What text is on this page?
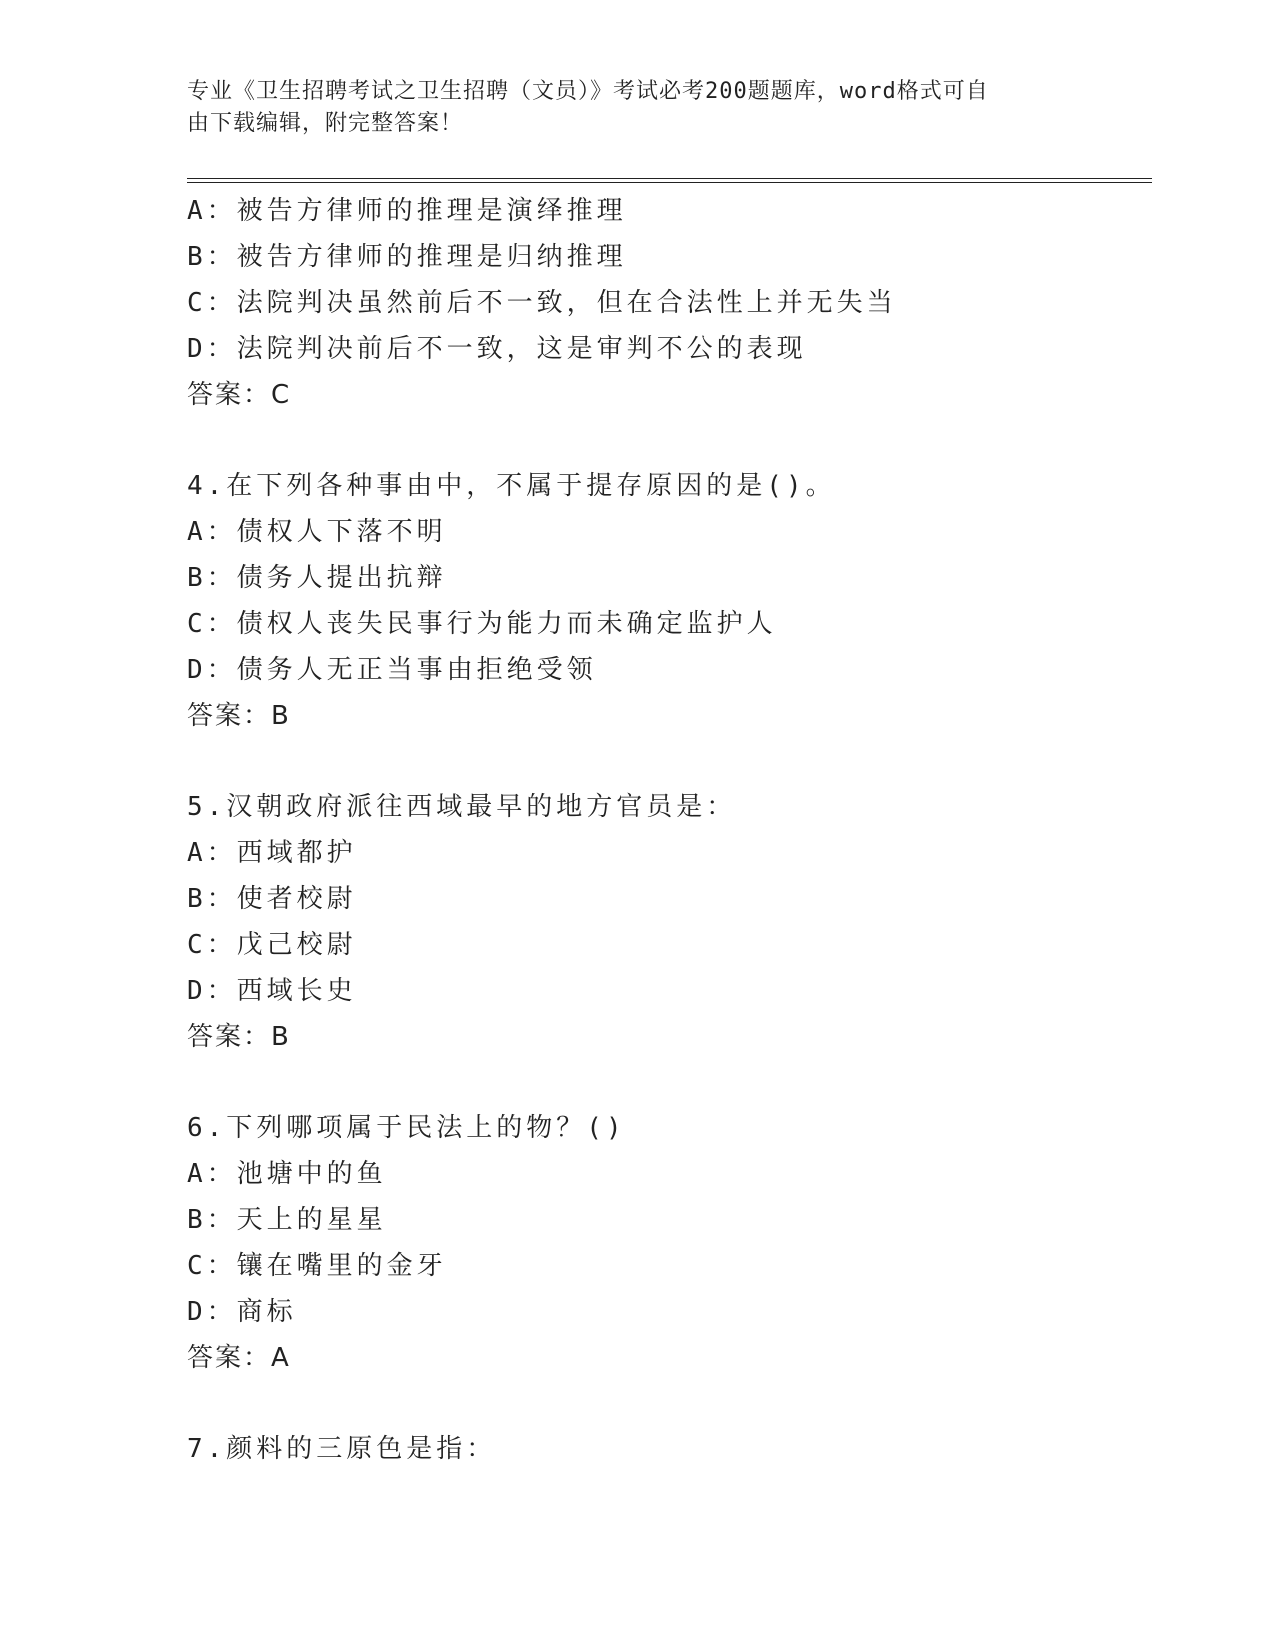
专业《卫生招聘考试之卫生招聘（文员）》考试必考200题题库，word格式可自
由下载编辑，附完整答案！
A：被告方律师的推理是演绎推理
B：被告方律师的推理是归纳推理
C：法院判决虽然前后不一致，但在合法性上并无失当
D：法院判决前后不一致，这是审判不公的表现
答案：C
4.在下列各种事由中，不属于提存原因的是()。
A：债权人下落不明
B：债务人提出抗辩
C：债权人丧失民事行为能力而未确定监护人
D：债务人无正当事由拒绝受领
答案：B
5.汉朝政府派往西域最早的地方官员是：
A：西域都护
B：使者校尉
C：戊己校尉
D：西域长史
答案：B
6.下列哪项属于民法上的物？()
A：池塘中的鱼
B：天上的星星
C：镶在嘴里的金牙
D：商标
答案：A
7.颜料的三原色是指：
